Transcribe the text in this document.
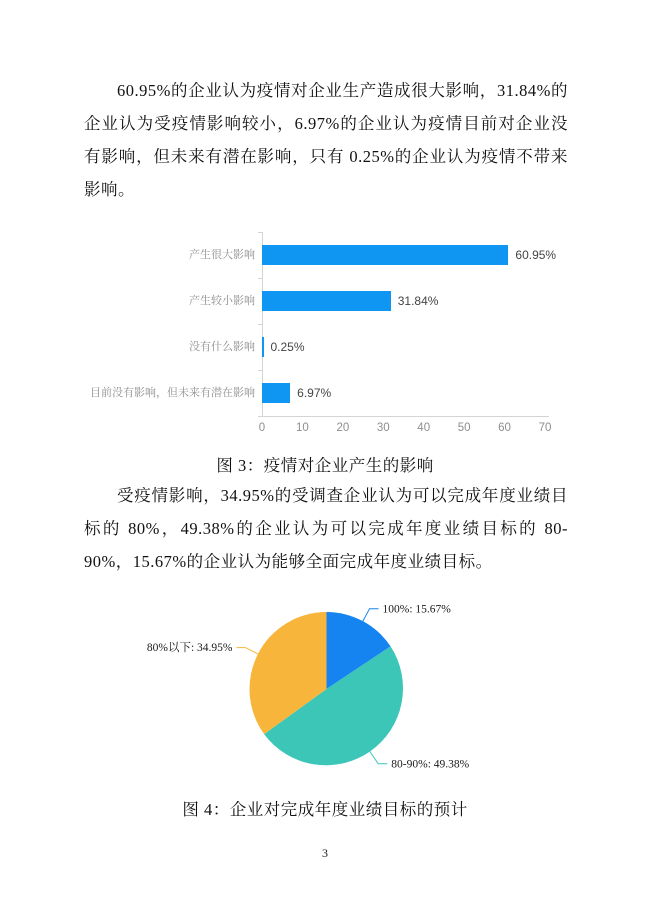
60.95%的企业认为疫情对企业生产造成很大影响，31.84%的企业认为受疫情影响较小，6.97%的企业认为疫情目前对企业没有影响，但未来有潜在影响，只有 0.25%的企业认为疫情不带来影响。

产生很大影响	60.95%
产生较小影响	31.84%
没有什么影响 0.25%
目前没有影响，但未来有潜在影响	6.97%
0	10	20	30	40	50	60	70
图 3：疫情对企业产生的影响

受疫情影响，34.95%的受调查企业认为可以完成年度业绩目标的 80%，49.38%的企业认为可以完成年度业绩目标的 80-90%，15.67%的企业认为能够全面完成年度业绩目标。

100%: 15.67%
80-90%: 49.38%
80%以下: 34.95%
图 4：企业对完成年度业绩目标的预计
3
